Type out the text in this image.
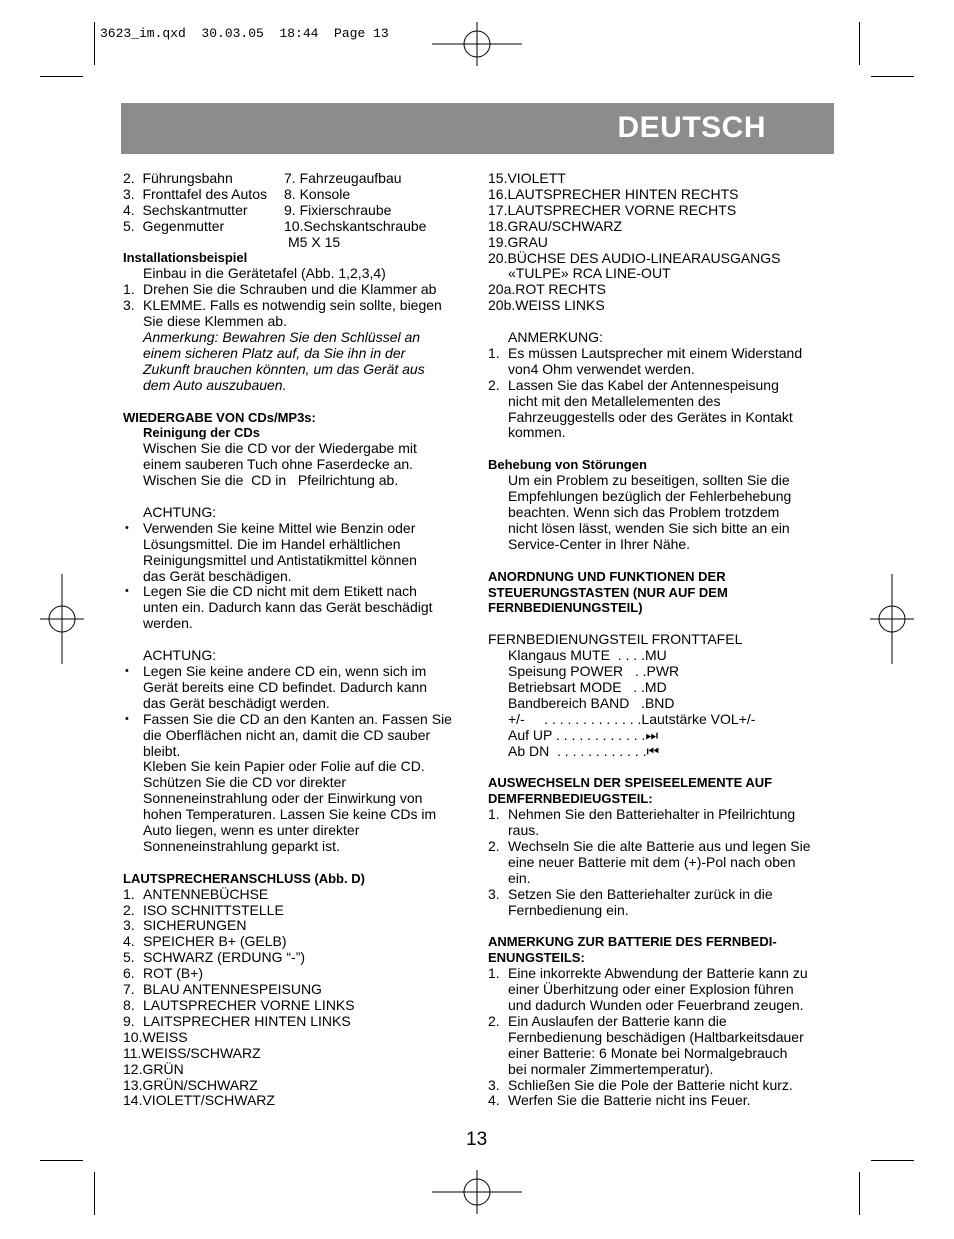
3623_im.qxd  30.03.05  18:44  Page 13
DEUTSCH
2. Führungsbahn	7. Fahrzeugaufbau
3. Fronttafel des Autos 8. Konsole
4. Sechskantmutter	9. Fixierschraube
5. Gegenmutter	10.Sechskantschraube
M5 X 15
Installationsbeispiel
Einbau in die Gerätetafel (Abb. 1,2,3,4)
1. Drehen Sie die Schrauben und die Klammer ab
3. KLEMME. Falls es notwendig sein sollte, biegen
Sie diese Klemmen ab.
Anmerkung: Bewahren Sie den Schlüssel an
einem sicheren Platz auf, da Sie ihn in der
Zukunft brauchen könnten, um das Gerät aus
dem Auto auszubauen.
WIEDERGABE VON CDs/MP3s:
Reinigung der CDs
Wischen Sie die CD vor der Wiedergabe mit
einem sauberen Tuch ohne Faserdecke an.
Wischen Sie die  CD in   Pfeilrichtung ab.
ACHTUNG:
• Verwenden Sie keine Mittel wie Benzin oder
Lösungsmittel. Die im Handel erhältlichen
Reinigungsmittel und Antistatikmittel können
das Gerät beschädigen.
• Legen Sie die CD nicht mit dem Etikett nach
unten ein. Dadurch kann das Gerät beschädigt
werden.
ACHTUNG:
• Legen Sie keine andere CD ein, wenn sich im
Gerät bereits eine CD befindet. Dadurch kann
das Gerät beschädigt werden.
• Fassen Sie die CD an den Kanten an. Fassen Sie
die Oberflächen nicht an, damit die CD sauber
bleibt.
Kleben Sie kein Papier oder Folie auf die CD.
Schützen Sie die CD vor direkter
Sonneneinstrahlung oder der Einwirkung von
hohen Temperaturen. Lassen Sie keine CDs im
Auto liegen, wenn es unter direkter
Sonneneinstrahlung geparkt ist.
LAUTSPRECHERANSCHLUSS (Abb. D)
1. ANTENNEBÜCHSE
2. ISO SCHNITTSTELLE
3. SICHERUNGEN
4. SPEICHER B+ (GELB)
5. SCHWARZ (ERDUNG “-”)
6. ROT (B+)
7. BLAU ANTENNESPEISUNG
8. LAUTSPRECHER VORNE LINKS
9. LAITSPRECHER HINTEN LINKS
10.WEISS
11.WEISS/SCHWARZ
12.GRÜN
13.GRÜN/SCHWARZ
14.VIOLETT/SCHWARZ
15.VIOLETT
16.LAUTSPRECHER HINTEN RECHTS
17.LAUTSPRECHER VORNE RECHTS
18.GRAU/SCHWARZ
19.GRAU
20.BÜCHSE DES AUDIO-LINEARAUSGANGS
«TULPE» RCA LINE-OUT
20a.ROT RECHTS
20b.WEISS LINKS
ANMERKUNG:
1. Es müssen Lautsprecher mit einem Widerstand
von4 Ohm verwendet werden.
2. Lassen Sie das Kabel der Antennespeisung
nicht mit den Metallelementen des
Fahrzeuggestells oder des Gerätes in Kontakt
kommen.
Behebung von Störungen
Um ein Problem zu beseitigen, sollten Sie die
Empfehlungen bezüglich der Fehlerbehebung
beachten. Wenn sich das Problem trotzdem
nicht lösen lässt, wenden Sie sich bitte an ein
Service-Center in Ihrer Nähe.
ANORDNUNG UND FUNKTIONEN DER
STEUERUNGSTASTEN (NUR AUF DEM
FERNBEDIENUNGSTEIL)
FERNBEDIENUNGSTEIL FRONTTAFEL
Klangaus MUTE  . . . .MU
Speisung POWER   . .PWR
Betriebsart MODE   . .MD
Bandbereich BAND   .BND
+/-     . . . . . . . . . . . . .Lautstärke VOL+/-
Auf UP . . . . . . . . . . . .⏭
Ab DN  . . . . . . . . . . . .⏮
AUSWECHSELN DER SPEISEELEMENTE AUF
DEMFERNBEDIEUGSTEIL:
1. Nehmen Sie den Batteriehalter in Pfeilrichtung
raus.
2. Wechseln Sie die alte Batterie aus und legen Sie
eine neuer Batterie mit dem (+)-Pol nach oben
ein.
3. Setzen Sie den Batteriehalter zurück in die
Fernbedienung ein.
ANMERKUNG ZUR BATTERIE DES FERNBEDI-
ENUNGSTEILS:
1. Eine inkorrekte Abwendung der Batterie kann zu
einer Überhitzung oder einer Explosion führen
und dadurch Wunden oder Feuerbrand zeugen.
2. Ein Auslaufen der Batterie kann die
Fernbedienung beschädigen (Haltbarkeitsdauer
einer Batterie: 6 Monate bei Normalgebrauch
bei normaler Zimmertemperatur).
3. Schließen Sie die Pole der Batterie nicht kurz.
4. Werfen Sie die Batterie nicht ins Feuer.
13
